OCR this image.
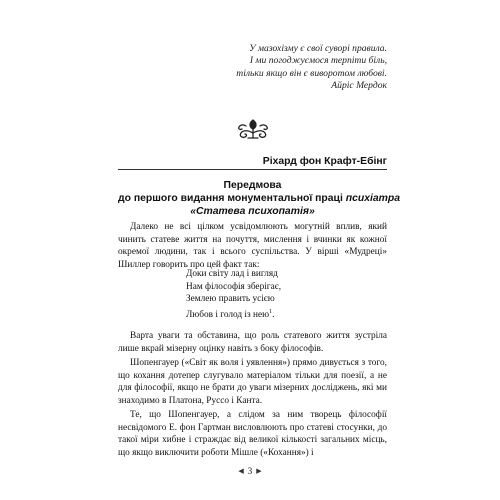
У мазохізму є свої суворі правила.
І ми погоджуємося терпіти біль,
тільки якщо він є виворотом любові.
Айріс Мердок
Ріхард фон Крафт-Ебінг
Передмова
до першого видання монументальної праці психіатра
«Статева психопатія»

Далеко не всі цілком усвідомлюють могутній вплив, який чинить статеве життя на почуття, мислення і вчинки як кожної окремої людини, так і всього суспільства. У вірші «Мудреці» Шиллер говорить про цей факт так:

Доки світу лад і вигляд
Нам філософія зберігає,
Землею править усією
Любов і голод із нею$^1$.

Варта уваги та обставина, що роль статевого життя зустріла лише вкрай мізерну оцінку навіть з боку філософів.

Шопенгауер («Світ як воля і уявлення») прямо дивується з того, що кохання дотепер слугувало матеріалом тільки для поезії, а не для філософії, якщо не брати до уваги мізерних досліджень, які ми знаходимо в Платона, Руссо і Канта.

Те, що Шопенгауер, а слідом за ним творець філософії несвідомого Е. фон Гартман висловлюють про статеві стосунки, до такої міри хибне і страждає від великої кількості загальних місць, що якщо виключити роботи Мішле («Кохання») і

◀ 3 ▶
